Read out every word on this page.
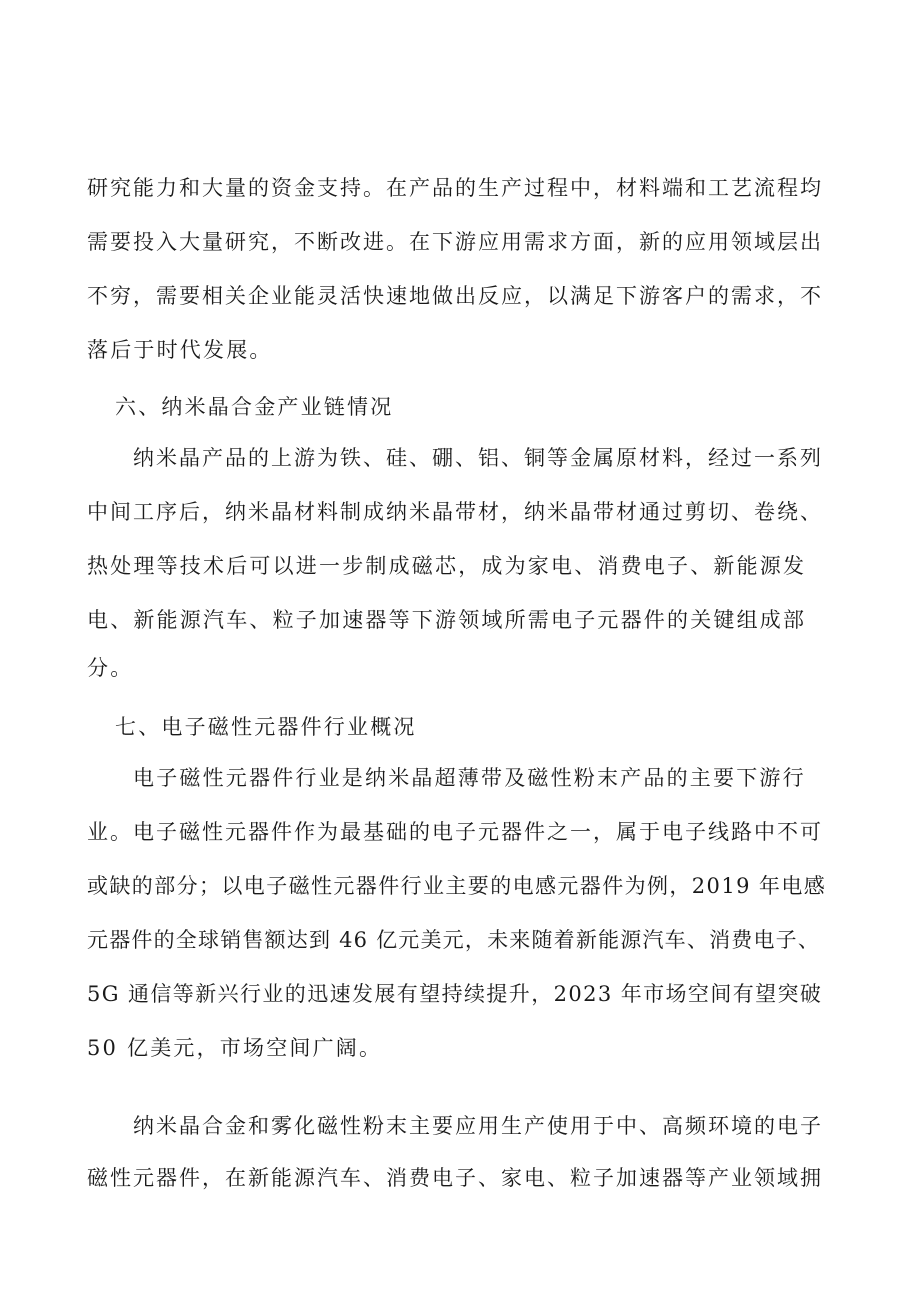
研究能力和大量的资金支持。在产品的生产过程中，材料端和工艺流程均
需要投入大量研究，不断改进。在下游应用需求方面，新的应用领域层出
不穷，需要相关企业能灵活快速地做出反应，以满足下游客户的需求，不
落后于时代发展。
六、纳米晶合金产业链情况
纳米晶产品的上游为铁、硅、硼、铝、铜等金属原材料，经过一系列
中间工序后，纳米晶材料制成纳米晶带材，纳米晶带材通过剪切、卷绕、
热处理等技术后可以进一步制成磁芯，成为家电、消费电子、新能源发
电、新能源汽车、粒子加速器等下游领域所需电子元器件的关键组成部
分。
七、电子磁性元器件行业概况
电子磁性元器件行业是纳米晶超薄带及磁性粉末产品的主要下游行
业。电子磁性元器件作为最基础的电子元器件之一，属于电子线路中不可
或缺的部分；以电子磁性元器件行业主要的电感元器件为例，2019 年电感
元器件的全球销售额达到 46 亿元美元，未来随着新能源汽车、消费电子、
5G 通信等新兴行业的迅速发展有望持续提升，2023 年市场空间有望突破
50 亿美元，市场空间广阔。
纳米晶合金和雾化磁性粉末主要应用生产使用于中、高频环境的电子
磁性元器件，在新能源汽车、消费电子、家电、粒子加速器等产业领域拥
